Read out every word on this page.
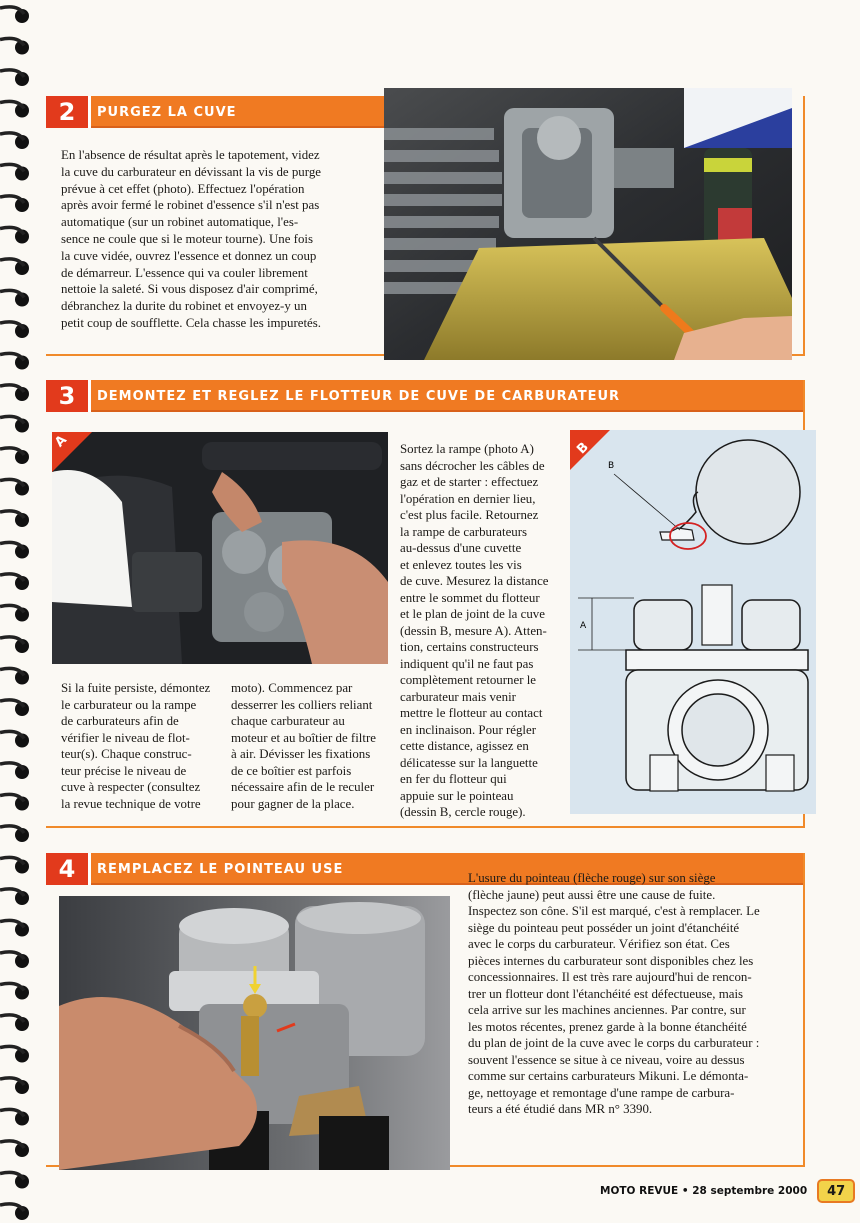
2	PURGEZ LA CUVE
En l'absence de résultat après le tapotement, videz
la cuve du carburateur en dévissant la vis de purge
prévue à cet effet (photo). Effectuez l'opération
après avoir fermé le robinet d'essence s'il n'est pas
automatique (sur un robinet automatique, l'es-
sence ne coule que si le moteur tourne). Une fois
la cuve vidée, ouvrez l'essence et donnez un coup
de démarreur. L'essence qui va couler librement
nettoie la saleté. Si vous disposez d'air comprimé,
débranchez la durite du robinet et envoyez-y un
petit coup de soufflette. Cela chasse les impuretés.
3	DEMONTEZ ET REGLEZ LE FLOTTEUR DE CUVE DE CARBURATEUR
A
Si la fuite persiste, démontez
le carburateur ou la rampe
de carburateurs afin de
vérifier le niveau de flot-
teur(s). Chaque construc-
teur précise le niveau de
cuve à respecter (consultez
la revue technique de votre
moto). Commencez par
desserrer les colliers reliant
chaque carburateur au
moteur et au boîtier de filtre
à air. Dévisser les fixations
de ce boîtier est parfois
nécessaire afin de le reculer
pour gagner de la place.
Sortez la rampe (photo A)
sans décrocher les câbles de
gaz et de starter : effectuez
l'opération en dernier lieu,
c'est plus facile. Retournez
la rampe de carburateurs
au-dessus d'une cuvette
et enlevez toutes les vis
de cuve. Mesurez la distance
entre le sommet du flotteur
et le plan de joint de la cuve
(dessin B, mesure A). Atten-
tion, certains constructeurs
indiquent qu'il ne faut pas
complètement retourner le
carburateur mais venir
mettre le flotteur au contact
en inclinaison. Pour régler
cette distance, agissez en
délicatesse sur la languette
en fer du flotteur qui
appuie sur le pointeau
(dessin B, cercle rouge).
B
B
A
4	REMPLACEZ LE POINTEAU USE
L'usure du pointeau (flèche rouge) sur son siège
(flèche jaune) peut aussi être une cause de fuite.
Inspectez son cône. S'il est marqué, c'est à remplacer. Le
siège du pointeau peut posséder un joint d'étanchéité
avec le corps du carburateur. Vérifiez son état. Ces
pièces internes du carburateur sont disponibles chez les
concessionnaires. Il est très rare aujourd'hui de rencon-
trer un flotteur dont l'étanchéité est défectueuse, mais
cela arrive sur les machines anciennes. Par contre, sur
les motos récentes, prenez garde à la bonne étanchéité
du plan de joint de la cuve avec le corps du carburateur :
souvent l'essence se situe à ce niveau, voire au dessus
comme sur certains carburateurs Mikuni. Le démonta-
ge, nettoyage et remontage d'une rampe de carbura-
teurs a été étudié dans MR n° 3390.
MOTO REVUE • 28 septembre 2000	47
